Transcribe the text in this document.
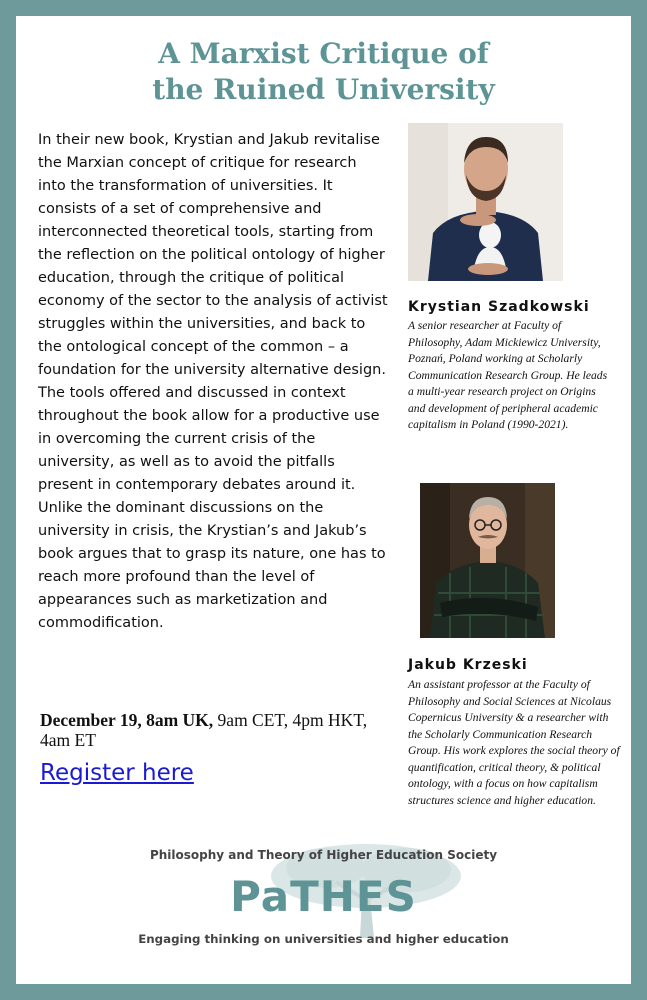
A Marxist Critique of
the Ruined University
In their new book, Krystian and Jakub revitalise the Marxian concept of critique for research into the transformation of universities. It consists of a set of comprehensive and interconnected theoretical tools, starting from the reflection on the political ontology of higher education, through the critique of political economy of the sector to the analysis of activist struggles within the universities, and back to the ontological concept of the common – a foundation for the university alternative design. The tools offered and discussed in context throughout the book allow for a productive use in overcoming the current crisis of the university, as well as to avoid the pitfalls present in contemporary debates around it. Unlike the dominant discussions on the university in crisis, the Krystian’s and Jakub’s book argues that to grasp its nature, one has to reach more profound than the level of appearances such as marketization and commodification.
Krystian Szadkowski
A senior researcher at Faculty of Philosophy, Adam Mickiewicz University, Poznań, Poland working at Scholarly Communication Research Group. He leads a multi-year research project on Origins and development of peripheral academic capitalism in Poland (1990-2021).
Jakub Krzeski
An assistant professor at the Faculty of Philosophy and Social Sciences at Nicolaus Copernicus University & a researcher with the Scholarly Communication Research Group. His work explores the social theory of quantification, critical theory, & political ontology, with a focus on how capitalism structures science and higher education.
December 19, 8am UK, 9am CET, 4pm HKT, 4am ET
Register here
Philosophy and Theory of Higher Education Society
PaTHES
Engaging thinking on universities and higher education
